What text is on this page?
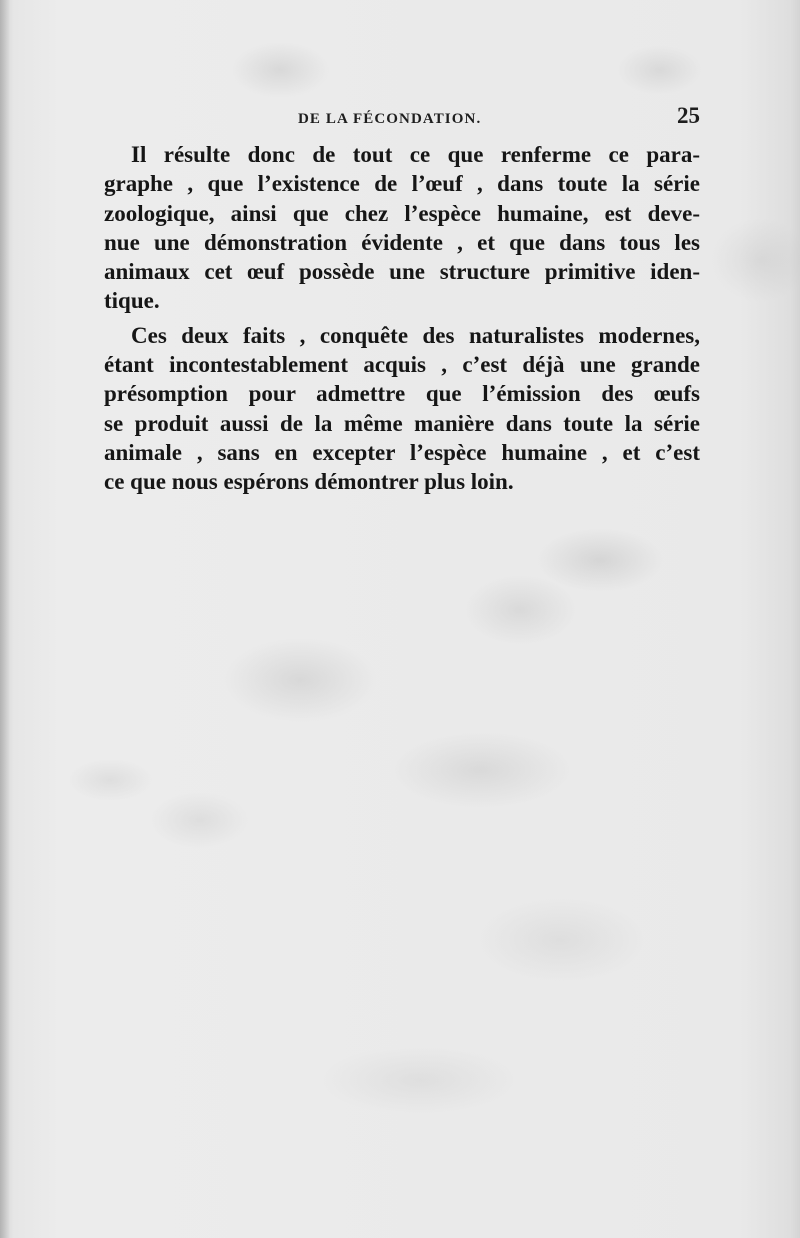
DE LA FÉCONDATION.	25
Il résulte donc de tout ce que renferme ce para-
graphe , que l’existence de l’œuf , dans toute la série
zoologique, ainsi que chez l’espèce humaine, est deve-
nue une démonstration évidente , et que dans tous les
animaux cet œuf possède une structure primitive iden-
tique.
Ces deux faits , conquête des naturalistes modernes,
étant incontestablement acquis , c’est déjà une grande
présomption pour admettre que l’émission des œufs
se produit aussi de la même manière dans toute la série
animale , sans en excepter l’espèce humaine , et c’est
ce que nous espérons démontrer plus loin.
